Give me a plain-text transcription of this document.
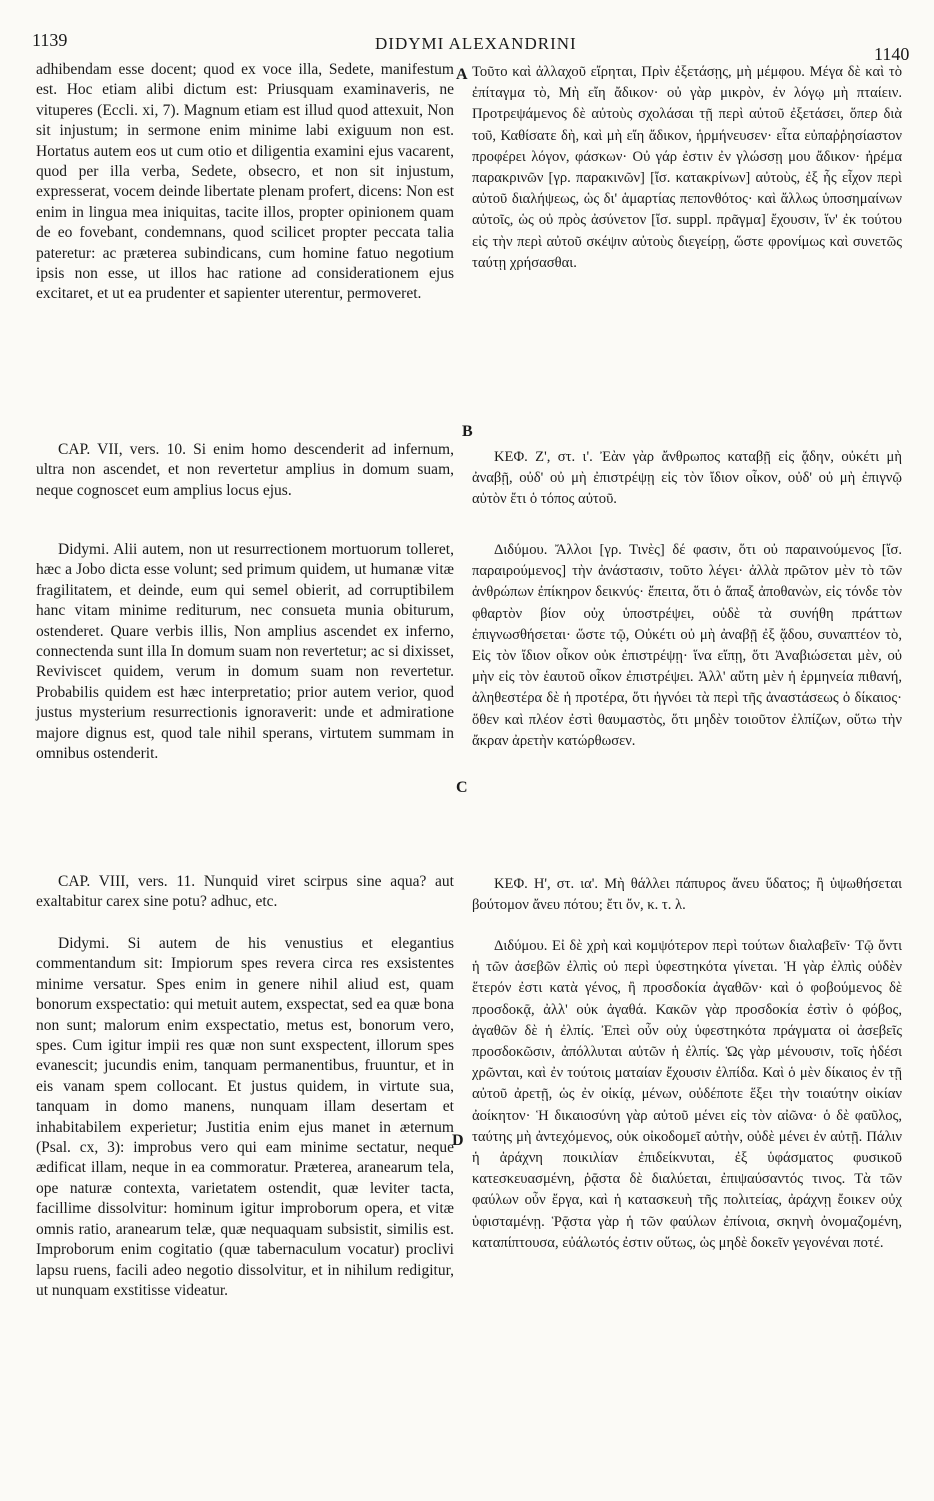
1139	DIDYMI ALEXANDRINI
1140
A
B
C
D

adhibendam esse docent; quod ex voce illa, Sedete, manifestum est. Hoc etiam alibi dictum est: Priusquam examinaveris, ne vituperes (Eccli. xi, 7). Magnum etiam est illud quod attexuit, Non sit injustum; in sermone enim minime labi exiguum non est. Hortatus autem eos ut cum otio et diligentia examini ejus vacarent, quod per illa verba, Sedete, obsecro, et non sit injustum, expresserat, vocem deinde libertate plenam profert, dicens: Non est enim in lingua mea iniquitas, tacite illos, propter opinionem quam de eo fovebant, condemnans, quod scilicet propter peccata talia pateretur: ac præterea subindicans, cum homine fatuo negotium ipsis non esse, ut illos hac ratione ad considerationem ejus excitaret, et ut ea prudenter et sapienter uterentur, permoveret.

CAP. VII, vers. 10. Si enim homo descenderit ad infernum, ultra non ascendet, et non revertetur amplius in domum suam, neque cognoscet eum amplius locus ejus.

Didymi. Alii autem, non ut resurrectionem mortuorum tolleret, hæc a Jobo dicta esse volunt; sed primum quidem, ut humanæ vitæ fragilitatem, et deinde, eum qui semel obierit, ad corruptibilem hanc vitam minime rediturum, nec consueta munia obiturum, ostenderet. Quare verbis illis, Non amplius ascendet ex inferno, connectenda sunt illa In domum suam non revertetur; ac si dixisset, Reviviscet quidem, verum in domum suam non revertetur. Probabilis quidem est hæc interpretatio; prior autem verior, quod justus mysterium resurrectionis ignoraverit: unde et admiratione majore dignus est, quod tale nihil sperans, virtutem summam in omnibus ostenderit.

CAP. VIII, vers. 11. Nunquid viret scirpus sine aqua? aut exaltabitur carex sine potu? adhuc, etc.

Didymi. Si autem de his venustius et elegantius commentandum sit: Impiorum spes revera circa res exsistentes minime versatur. Spes enim in genere nihil aliud est, quam bonorum exspectatio: qui metuit autem, exspectat, sed ea quæ bona non sunt; malorum enim exspectatio, metus est, bonorum vero, spes. Cum igitur impii res quæ non sunt exspectent, illorum spes evanescit; jucundis enim, tanquam permanentibus, fruuntur, et in eis vanam spem collocant. Et justus quidem, in virtute sua, tanquam in domo manens, nunquam illam desertam et inhabitabilem experietur; Justitia enim ejus manet in æternum (Psal. cx, 3): improbus vero qui eam minime sectatur, neque ædificat illam, neque in ea commoratur. Præterea, aranearum tela, ope naturæ contexta, varietatem ostendit, quæ leviter tacta, facillime dissolvitur: hominum igitur improborum opera, et vitæ omnis ratio, aranearum telæ, quæ nequaquam subsistit, similis est. Improborum enim cogitatio (quæ tabernaculum vocatur) proclivi lapsu ruens, facili adeo negotio dissolvitur, et in nihilum redigitur, ut nunquam exstitisse videatur.

Τοῦτο καὶ ἀλλαχοῦ εἴρηται, Πρὶν ἐξετάσῃς, μὴ μέμφου. Μέγα δὲ καὶ τὸ ἐπίταγμα τὸ, Μὴ εἴη ἄδικον· οὐ γὰρ μικρὸν, ἐν λόγῳ μὴ πταίειν. Προτρεψάμενος δὲ αὐτοὺς σχολάσαι τῇ περὶ αὐτοῦ ἐξετάσει, ὅπερ διὰ τοῦ, Καθίσατε δὴ, καὶ μὴ εἴη ἄδικον, ἡρμήνευσεν· εἶτα εὐπαῤῥησίαστον προφέρει λόγον, φάσκων· Οὐ γάρ ἐστιν ἐν γλώσσῃ μου ἄδικον· ἠρέμα παρακρινῶν [γρ. παρακινῶν] [ἴσ. κατακρίνων] αὐτοὺς, ἐξ ἧς εἶχον περὶ αὐτοῦ διαλήψεως, ὡς δι' ἁμαρτίας πεπονθότος· καὶ ἄλλως ὑποσημαίνων αὐτοῖς, ὡς οὐ πρὸς ἀσύνετον [ἴσ. suppl. πρᾶγμα] ἔχουσιν, ἵν' ἐκ τούτου εἰς τὴν περὶ αὐτοῦ σκέψιν αὐτοὺς διεγείρῃ, ὥστε φρονίμως καὶ συνετῶς ταύτῃ χρήσασθαι.

ΚΕΦ. Ζ', στ. ι'. Ἐὰν γὰρ ἄνθρωπος καταβῇ εἰς ᾅδην, οὐκέτι μὴ ἀναβῇ, οὐδ' οὐ μὴ ἐπιστρέψῃ εἰς τὸν ἴδιον οἶκον, οὐδ' οὐ μὴ ἐπιγνῷ αὐτὸν ἔτι ὁ τόπος αὐτοῦ.

Διδύμου. Ἄλλοι [γρ. Τινὲς] δέ φασιν, ὅτι οὐ παραινούμενος [ἴσ. παραιρούμενος] τὴν ἀνάστασιν, τοῦτο λέγει· ἀλλὰ πρῶτον μὲν τὸ τῶν ἀνθρώπων ἐπίκηρον δεικνύς· ἔπειτα, ὅτι ὁ ἅπαξ ἀποθανὼν, εἰς τόνδε τὸν φθαρτὸν βίον οὐχ ὑποστρέψει, οὐδὲ τὰ συνήθη πράττων ἐπιγνωσθήσεται· ὥστε τῷ, Οὐκέτι οὐ μὴ ἀναβῇ ἐξ ᾅδου, συναπτέον τὸ, Εἰς τὸν ἴδιον οἶκον οὐκ ἐπιστρέψῃ· ἵνα εἴπῃ, ὅτι Ἀναβιώσεται μὲν, οὐ μὴν εἰς τὸν ἑαυτοῦ οἶκον ἐπιστρέψει. Ἀλλ' αὕτη μὲν ἡ ἑρμηνεία πιθανή, ἀληθεστέρα δὲ ἡ προτέρα, ὅτι ἠγνόει τὰ περὶ τῆς ἀναστάσεως ὁ δίκαιος· ὅθεν καὶ πλέον ἐστὶ θαυμαστὸς, ὅτι μηδὲν τοιοῦτον ἐλπίζων, οὕτω τὴν ἄκραν ἀρετὴν κατώρθωσεν.

ΚΕΦ. Η', στ. ια'. Μὴ θάλλει πάπυρος ἄνευ ὕδατος; ἢ ὑψωθήσεται βούτομον ἄνευ πότου; ἔτι ὄν, κ. τ. λ.

Διδύμου. Εἰ δὲ χρὴ καὶ κομψότερον περὶ τούτων διαλαβεῖν· Τῷ ὄντι ἡ τῶν ἀσεβῶν ἐλπὶς οὐ περὶ ὑφεστηκότα γίνεται. Ἡ γὰρ ἐλπὶς οὐδὲν ἕτερόν ἐστι κατὰ γένος, ἢ προσδοκία ἀγαθῶν· καὶ ὁ φοβούμενος δὲ προσδοκᾷ, ἀλλ' οὐκ ἀγαθά. Κακῶν γὰρ προσδοκία ἐστὶν ὁ φόβος, ἀγαθῶν δὲ ἡ ἐλπίς. Ἐπεὶ οὖν οὐχ ὑφεστηκότα πράγματα οἱ ἀσεβεῖς προσδοκῶσιν, ἀπόλλυται αὐτῶν ἡ ἐλπίς. Ὡς γὰρ μένουσιν, τοῖς ἡδέσι χρῶνται, καὶ ἐν τούτοις ματαίαν ἔχουσιν ἐλπίδα. Καὶ ὁ μὲν δίκαιος ἐν τῇ αὐτοῦ ἀρετῇ, ὡς ἐν οἰκίᾳ, μένων, οὐδέποτε ἕξει τὴν τοιαύτην οἰκίαν ἀοίκητον· Ἡ δικαιοσύνη γὰρ αὐτοῦ μένει εἰς τὸν αἰῶνα· ὁ δὲ φαῦλος, ταύτης μὴ ἀντεχόμενος, οὐκ οἰκοδομεῖ αὐτὴν, οὐδὲ μένει ἐν αὐτῇ. Πάλιν ἡ ἀράχνη ποικιλίαν ἐπιδείκνυται, ἐξ ὑφάσματος φυσικοῦ κατεσκευασμένη, ῥᾷστα δὲ διαλύεται, ἐπιψαύσαντός τινος. Τὰ τῶν φαύλων οὖν ἔργα, καὶ ἡ κατασκευὴ τῆς πολιτείας, ἀράχνῃ ἔοικεν οὐχ ὑφισταμένῃ. Ῥᾷστα γὰρ ἡ τῶν φαύλων ἐπίνοια, σκηνὴ ὀνομαζομένη, καταπίπτουσα, εὐάλωτός ἐστιν οὕτως, ὡς μηδὲ δοκεῖν γεγονέναι ποτέ.
